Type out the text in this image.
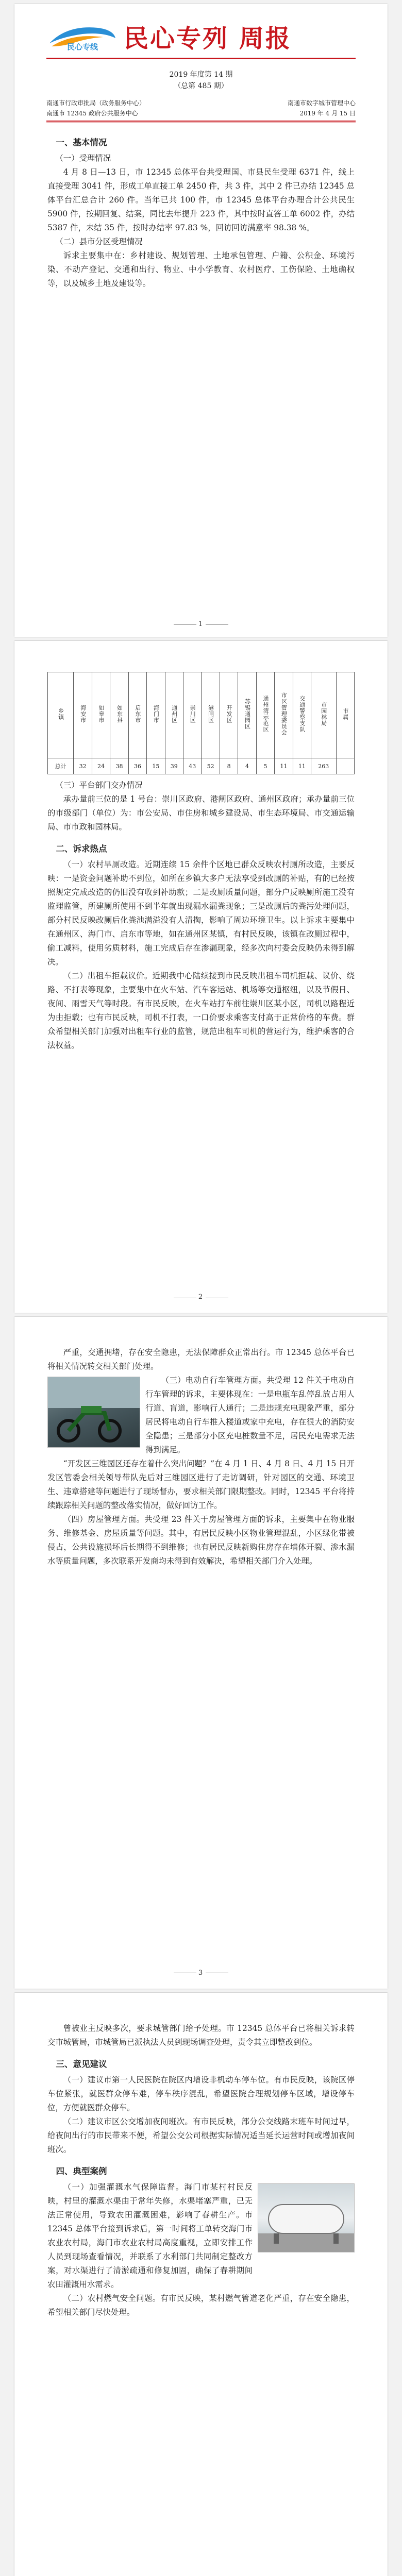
民心专线 民心专列 周报
2019 年度第 14 期
（总第 485 期）
南通市行政审批局（政务服务中心）	南通市数字城市管理中心
南通市 12345 政府公共服务中心	2019 年 4 月 15 日
一、基本情况
（一）受理情况

4 月 8 日—13 日，市 12345 总体平台共受理国、市县民生受理 6371 件，线上直接受理 3041 件，形成工单直接工单 2450 件，共 3 件，其中 2 件已办结 12345 总体平台汇总合计 260 件。当年已共 100 件，市 12345 总体平台办理合计公共民生 5900 件，按期回复、结案，同比去年提升 223 件，其中按时直答工单 6002 件，办结 5387 件，未结 35 件，按时办结率 97.83 %，回访回访满意率 98.38 %。

（二）县市分区受理情况

诉求主要集中在：乡村建设、规划管理、土地承包管理、户籍、公积金、环境污染、不动产登记、交通和出行、物业、中小学教育、农村医疗、工伤保险、土地确权等，以及城乡土地及建设等。

1
乡镇	海安市	如皋市	如东县	启东市	海门市	通州区	崇川区	港闸区	开发区	苏锡通园区	通州湾示范区	市区管理委员会	交通警察支队	市园林局	市属
总计	32	24	38	36	15	39	43	52	8	4	5	11	11	263	
（三）平台部门交办情况

承办量前三位的是 1 号台：崇川区政府、港闸区政府、通州区政府；承办量前三位的市级部门（单位）为：市公安局、市住房和城乡建设局、市生态环境局、市交通运输局、市市政和园林局。

二、诉求热点

（一）农村旱厕改造。近期连续 15 余件个区地已群众反映农村厕所改造，主要反映：一是资金问题补助不到位，如所在乡镇大多户无法享受到改厕的补贴，有的已经按照规定完成改造的仍旧没有收到补助款；二是改厕质量问题，部分户反映厕所施工没有监理监管，所建厕所使用不到半年就出现漏水漏粪现象；三是改厕后的粪污处理问题，部分村民反映改厕后化粪池满溢没有人清掏，影响了周边环境卫生。以上诉求主要集中在通州区、海门市、启东市等地，如在通州区某镇，有村民反映，该镇在改厕过程中，偷工减料，使用劣质材料，施工完成后存在渗漏现象，经多次向村委会反映仍未得到解决。

（二）出租车拒载议价。近期我中心陆续接到市民反映出租车司机拒载、议价、绕路、不打表等现象，主要集中在火车站、汽车客运站、机场等交通枢纽，以及节假日、夜间、雨雪天气等时段。有市民反映，在火车站打车前往崇川区某小区，司机以路程近为由拒载；也有市民反映，司机不打表，一口价要求乘客支付高于正常价格的车费。群众希望相关部门加强对出租车行业的监管，规范出租车司机的营运行为，维护乘客的合法权益。

2

严重，交通拥堵，存在安全隐患，无法保障群众正常出行。市 12345 总体平台已将相关情况转交相关部门处理。

（三）电动自行车管理方面。共受理 12 件关于电动自行车管理的诉求，主要体现在：一是电瓶车乱停乱放占用人行道、盲道，影响行人通行；二是违规充电现象严重，部分居民将电动自行车推入楼道或家中充电，存在很大的消防安全隐患；三是部分小区充电桩数量不足，居民充电需求无法得到满足。

“开发区三维园区还存在着什么突出问题？”在 4 月 1 日、4 月 8 日、4 月 15 日开发区管委会相关领导带队先后对三维园区进行了走访调研，针对园区的交通、环境卫生、违章搭建等问题进行了现场督办，要求相关部门限期整改。同时，12345 平台将持续跟踪相关问题的整改落实情况，做好回访工作。

（四）房屋管理方面。共受理 23 件关于房屋管理方面的诉求，主要集中在物业服务、维修基金、房屋质量等问题。其中，有居民反映小区物业管理混乱，小区绿化带被侵占，公共设施损坏后长期得不到维修；也有居民反映新购住房存在墙体开裂、渗水漏水等质量问题，多次联系开发商均未得到有效解决，希望相关部门介入处理。

3

曾被业主反映多次，要求城管部门给予处理。市 12345 总体平台已将相关诉求转交市城管局，市城管局已派执法人员到现场调查处理，责令其立即整改到位。

三、意见建议

（一）建议市第一人民医院在院区内增设非机动车停车位。有市民反映，该院区停车位紧张，就医群众停车难，停车秩序混乱，希望医院合理规划停车区域，增设停车位，方便就医群众停车。

（二）建议市区公交增加夜间班次。有市民反映，部分公交线路末班车时间过早，给夜间出行的市民带来不便，希望公交公司根据实际情况适当延长运营时间或增加夜间班次。

四、典型案例

（一）加强灌溉水气保障监督。海门市某村村民反映，村里的灌溉水渠由于常年失修，水渠堵塞严重，已无法正常使用，导致农田灌溉困难，影响了春耕生产。市 12345 总体平台接到诉求后，第一时间将工单转交海门市农业农村局，海门市农业农村局高度重视，立即安排工作人员到现场查看情况，并联系了水利部门共同制定整改方案，对水渠进行了清淤疏通和修复加固，确保了春耕期间农田灌溉用水需求。

（二）农村燃气安全问题。有市民反映，某村燃气管道老化严重，存在安全隐患，希望相关部门尽快处理。
